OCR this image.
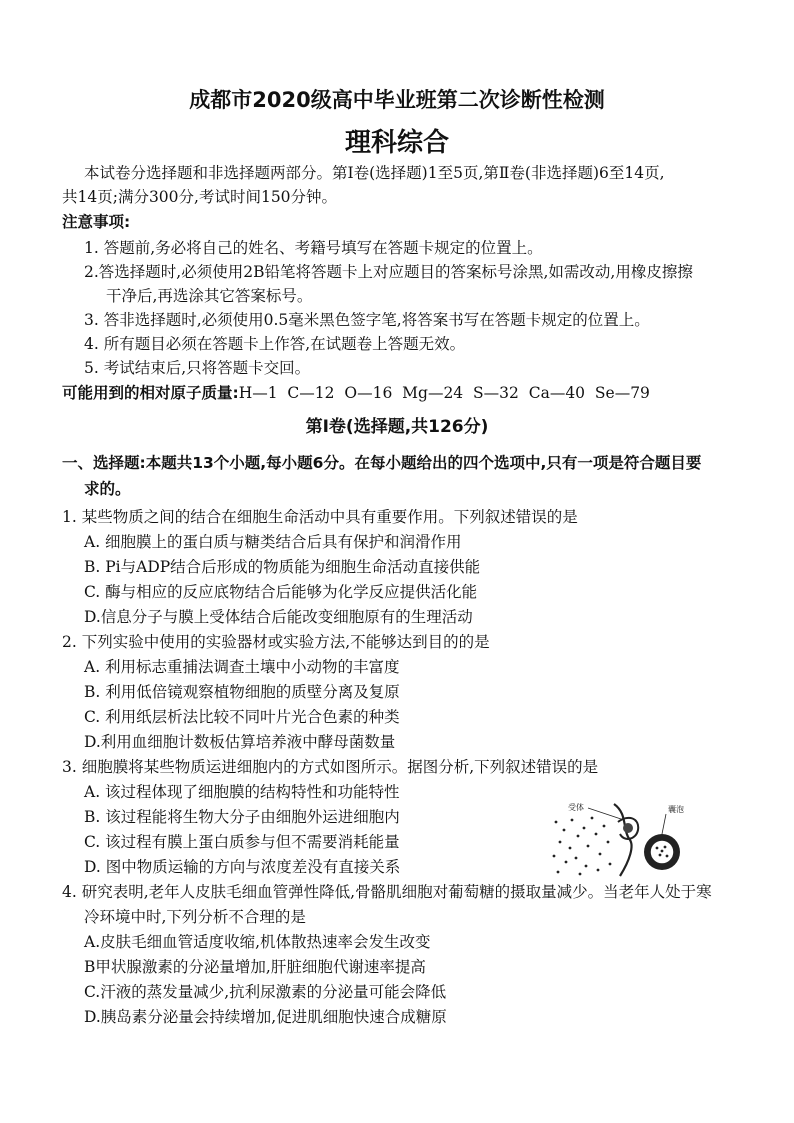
成都市2020级高中毕业班第二次诊断性检测
理科综合
本试卷分选择题和非选择题两部分。第Ⅰ卷(选择题)1至5页,第Ⅱ卷(非选择题)6至14页,
共14页;满分300分,考试时间150分钟。
注意事项:
1. 答题前,务必将自己的姓名、考籍号填写在答题卡规定的位置上。
2.答选择题时,必须使用2B铅笔将答题卡上对应题目的答案标号涂黑,如需改动,用橡皮擦擦
干净后,再选涂其它答案标号。
3. 答非选择题时,必须使用0.5毫米黑色签字笔,将答案书写在答题卡规定的位置上。
4. 所有题目必须在答题卡上作答,在试题卷上答题无效。
5. 考试结束后,只将答题卡交回。
可能用到的相对原子质量:H—1  C—12  O—16  Mg—24  S—32  Ca—40  Se—79
第Ⅰ卷(选择题,共126分)
一、选择题:本题共13个小题,每小题6分。在每小题给出的四个选项中,只有一项是符合题目要
求的。
1. 某些物质之间的结合在细胞生命活动中具有重要作用。下列叙述错误的是
A. 细胞膜上的蛋白质与糖类结合后具有保护和润滑作用
B. Pi与ADP结合后形成的物质能为细胞生命活动直接供能
C. 酶与相应的反应底物结合后能够为化学反应提供活化能
D.信息分子与膜上受体结合后能改变细胞原有的生理活动
2. 下列实验中使用的实验器材或实验方法,不能够达到目的的是
A. 利用标志重捕法调查土壤中小动物的丰富度
B. 利用低倍镜观察植物细胞的质壁分离及复原
C. 利用纸层析法比较不同叶片光合色素的种类
D.利用血细胞计数板估算培养液中酵母菌数量
3. 细胞膜将某些物质运进细胞内的方式如图所示。据图分析,下列叙述错误的是
A. 该过程体现了细胞膜的结构特性和功能特性
B. 该过程能将生物大分子由细胞外运进细胞内
C. 该过程有膜上蛋白质参与但不需要消耗能量
D. 图中物质运输的方向与浓度差没有直接关系
受体	囊泡
4. 研究表明,老年人皮肤毛细血管弹性降低,骨骼肌细胞对葡萄糖的摄取量减少。当老年人处于寒
冷环境中时,下列分析不合理的是
A.皮肤毛细血管适度收缩,机体散热速率会发生改变
B甲状腺激素的分泌量增加,肝脏细胞代谢速率提高
C.汗液的蒸发量减少,抗利尿激素的分泌量可能会降低
D.胰岛素分泌量会持续增加,促进肌细胞快速合成糖原
